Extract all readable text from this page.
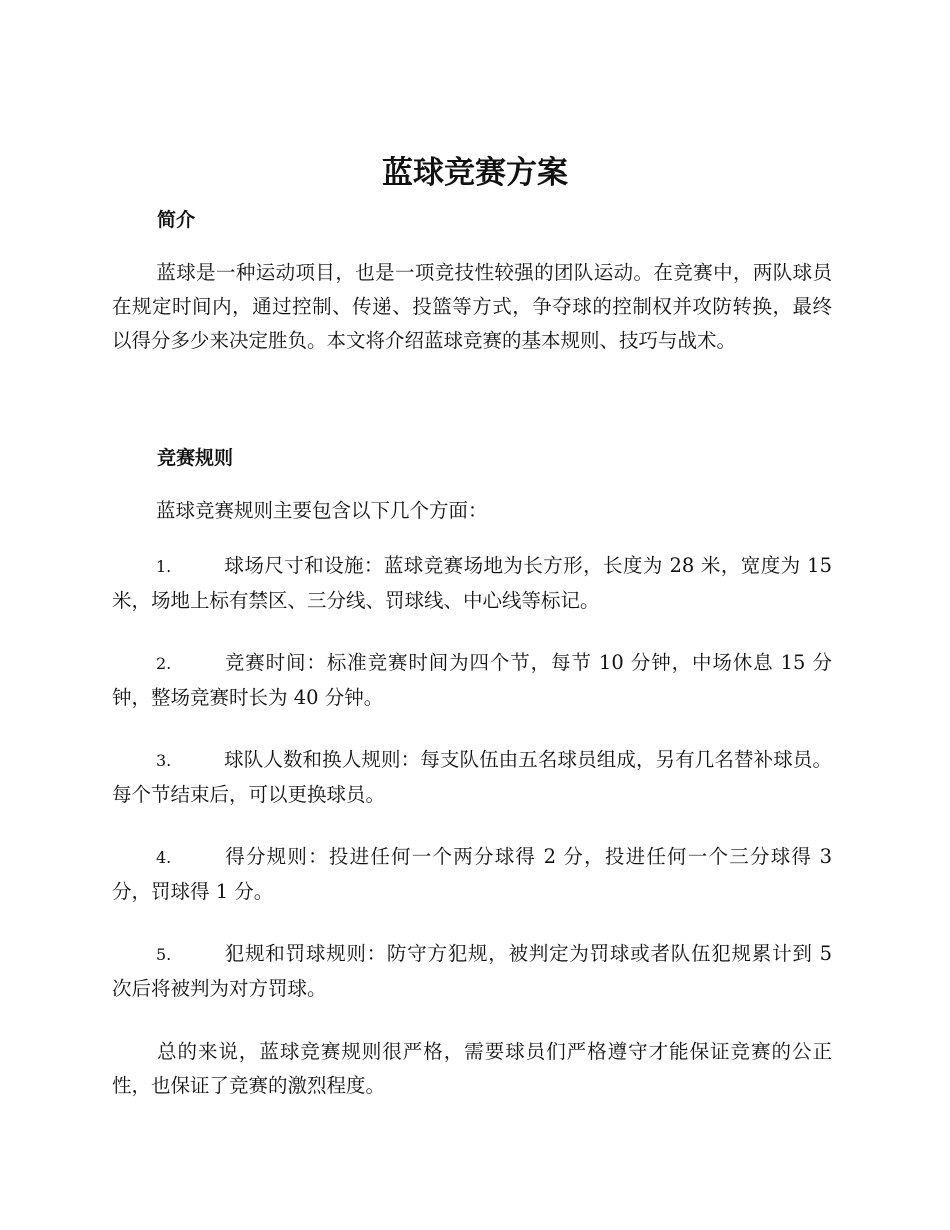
蓝球竞赛方案
简介

蓝球是一种运动项目，也是一项竞技性较强的团队运动。在竞赛中，两队球员在规定时间内，通过控制、传递、投篮等方式，争夺球的控制权并攻防转换，最终以得分多少来决定胜负。本文将介绍蓝球竞赛的基本规则、技巧与战术。

竞赛规则

蓝球竞赛规则主要包含以下几个方面：

1.	球场尺寸和设施：蓝球竞赛场地为长方形，长度为 28 米，宽度为 15 米，场地上标有禁区、三分线、罚球线、中心线等标记。

2.	竞赛时间：标准竞赛时间为四个节，每节 10 分钟，中场休息 15 分钟，整场竞赛时长为 40 分钟。

3.	球队人数和换人规则：每支队伍由五名球员组成，另有几名替补球员。每个节结束后，可以更换球员。

4.	得分规则：投进任何一个两分球得 2 分，投进任何一个三分球得 3 分，罚球得 1 分。

5.	犯规和罚球规则：防守方犯规，被判定为罚球或者队伍犯规累计到 5 次后将被判为对方罚球。

总的来说，蓝球竞赛规则很严格，需要球员们严格遵守才能保证竞赛的公正性，也保证了竞赛的激烈程度。
